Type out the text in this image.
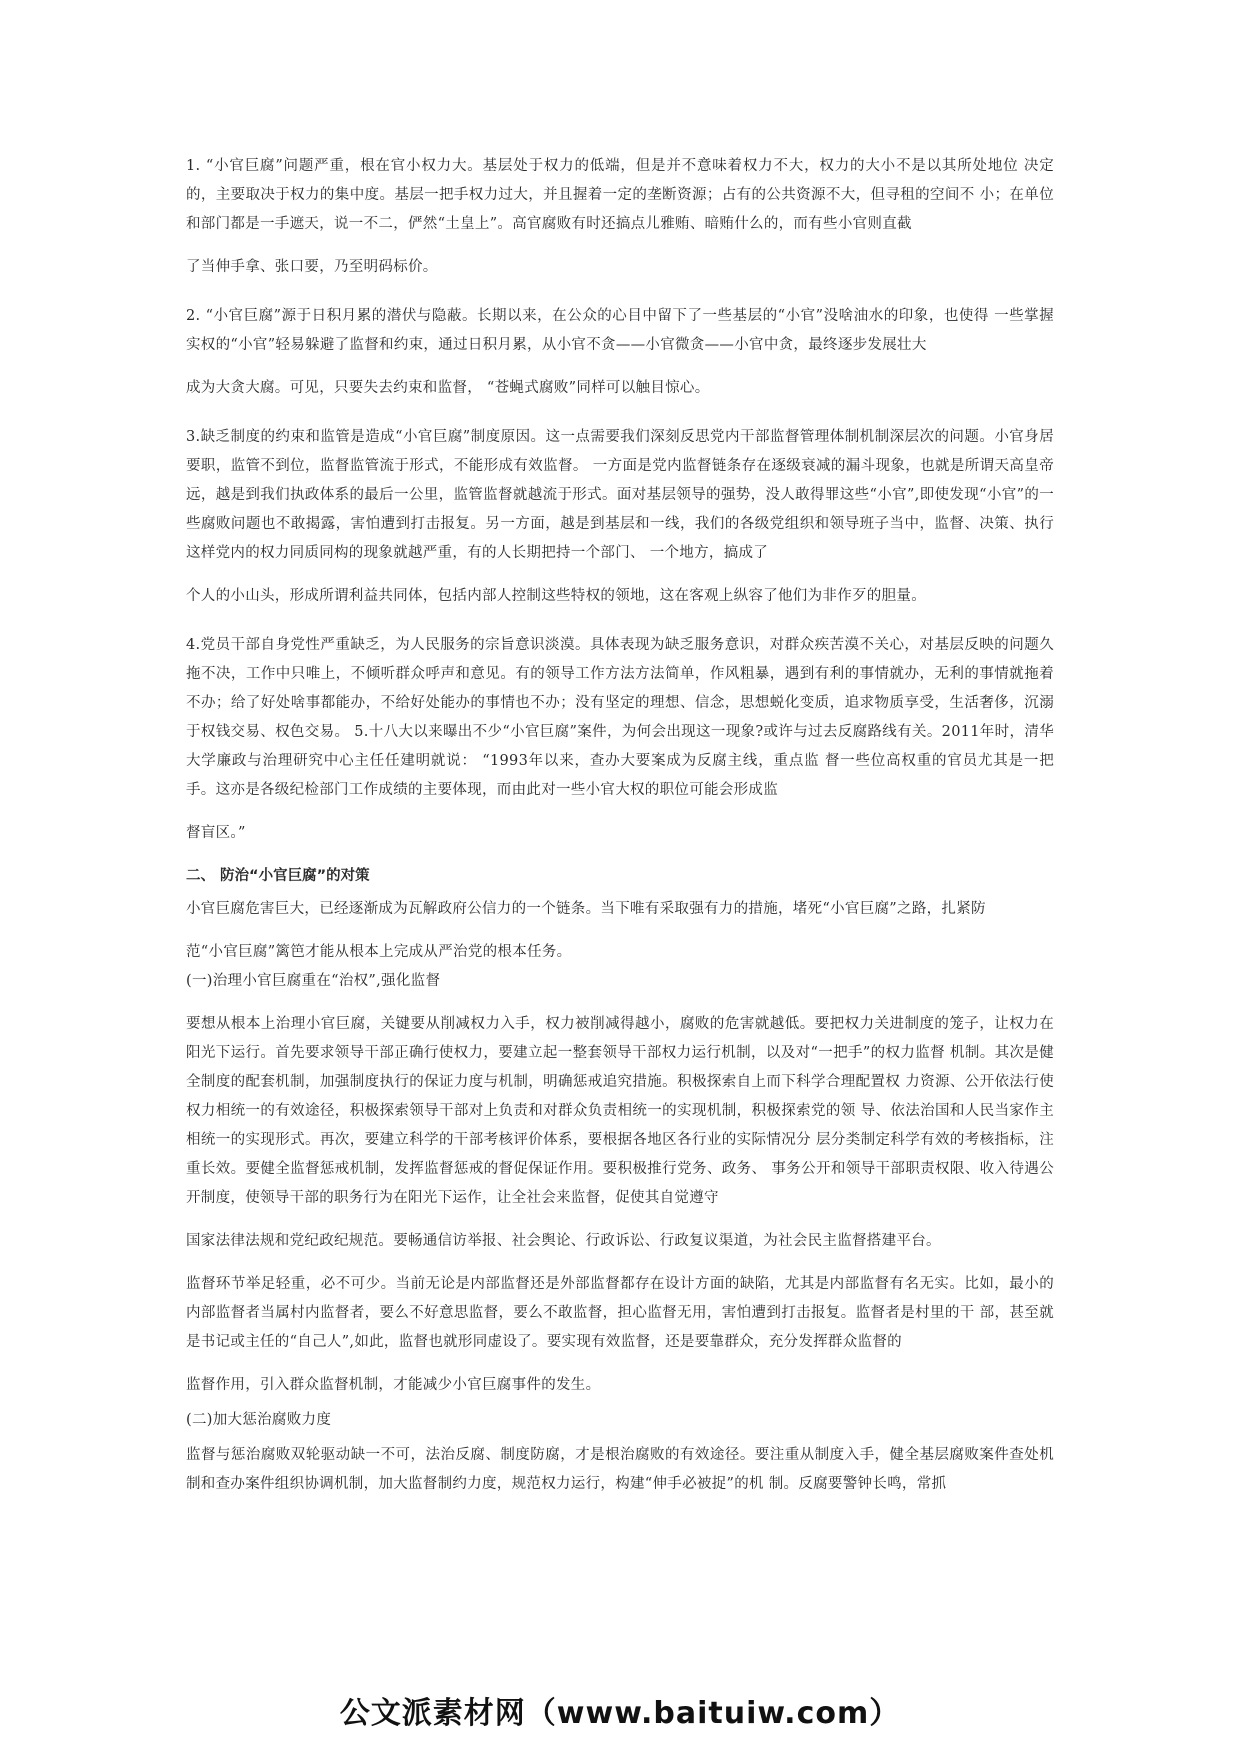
1. “小官巨腐”问题严重，根在官小权力大。基层处于权力的低端，但是并不意味着权力不大，权力的大小不是以其所处地位 决定的，主要取决于权力的集中度。基层一把手权力过大，并且握着一定的垄断资源；占有的公共资源不大，但寻租的空间不 小；在单位和部门都是一手遮天，说一不二，俨然“土皇上”。高官腐败有时还搞点儿雅贿、暗贿什么的，而有些小官则直截

了当伸手拿、张口要，乃至明码标价。

2. “小官巨腐”源于日积月累的潜伏与隐蔽。长期以来，在公众的心目中留下了一些基层的“小官”没啥油水的印象，也使得 一些掌握实权的“小官”轻易躲避了监督和约束，通过日积月累，从小官不贪——小官微贪——小官中贪，最终逐步发展壮大

成为大贪大腐。可见，只要失去约束和监督， “苍蝇式腐败”同样可以触目惊心。

3.缺乏制度的约束和监管是造成“小官巨腐”制度原因。这一点需要我们深刻反思党内干部监督管理体制机制深层次的问题。小官身居要职，监管不到位，监督监管流于形式，不能形成有效监督。 一方面是党内监督链条存在逐级衰减的漏斗现象，也就是所谓天高皇帝远，越是到我们执政体系的最后一公里，监管监督就越流于形式。面对基层领导的强势，没人敢得罪这些“小官”,即使发现“小官”的一些腐败问题也不敢揭露，害怕遭到打击报复。另一方面，越是到基层和一线，我们的各级党组织和领导班子当中，监督、决策、执行这样党内的权力同质同构的现象就越严重，有的人长期把持一个部门、 一个地方，搞成了

个人的小山头，形成所谓利益共同体，包括内部人控制这些特权的领地，这在客观上纵容了他们为非作歹的胆量。

4.党员干部自身党性严重缺乏，为人民服务的宗旨意识淡漠。具体表现为缺乏服务意识，对群众疾苦漠不关心，对基层反映的问题久拖不决，工作中只唯上，不倾听群众呼声和意见。有的领导工作方法方法简单，作风粗暴，遇到有利的事情就办，无利的事情就拖着不办；给了好处啥事都能办，不给好处能办的事情也不办；没有坚定的理想、信念，思想蜕化变质，追求物质享受，生活奢侈，沉溺于权钱交易、权色交易。 5.十八大以来曝出不少“小官巨腐”案件，为何会出现这一现象?或许与过去反腐路线有关。2011年时，清华大学廉政与治理研究中心主任任建明就说： “1993年以来，查办大要案成为反腐主线，重点监 督一些位高权重的官员尤其是一把手。这亦是各级纪检部门工作成绩的主要体现，而由此对一些小官大权的职位可能会形成监

督盲区。”

二、 防治“小官巨腐”的对策

小官巨腐危害巨大，已经逐渐成为瓦解政府公信力的一个链条。当下唯有采取强有力的措施，堵死“小官巨腐”之路，扎紧防

范“小官巨腐”篱笆才能从根本上完成从严治党的根本任务。

(一)治理小官巨腐重在“治权”,强化监督

要想从根本上治理小官巨腐，关键要从削减权力入手，权力被削减得越小，腐败的危害就越低。要把权力关进制度的笼子，让权力在阳光下运行。首先要求领导干部正确行使权力，要建立起一整套领导干部权力运行机制，以及对“一把手”的权力监督 机制。其次是健全制度的配套机制，加强制度执行的保证力度与机制，明确惩戒追究措施。积极探索自上而下科学合理配置权 力资源、公开依法行使权力相统一的有效途径，积极探索领导干部对上负责和对群众负责相统一的实现机制，积极探索党的领 导、依法治国和人民当家作主相统一的实现形式。再次，要建立科学的干部考核评价体系，要根据各地区各行业的实际情况分 层分类制定科学有效的考核指标，注重长效。要健全监督惩戒机制，发挥监督惩戒的督促保证作用。要积极推行党务、政务、 事务公开和领导干部职责权限、收入待遇公开制度，使领导干部的职务行为在阳光下运作，让全社会来监督，促使其自觉遵守

国家法律法规和党纪政纪规范。要畅通信访举报、社会舆论、行政诉讼、行政复议渠道，为社会民主监督搭建平台。

监督环节举足轻重，必不可少。当前无论是内部监督还是外部监督都存在设计方面的缺陷，尤其是内部监督有名无实。比如，最小的内部监督者当属村内监督者，要么不好意思监督，要么不敢监督，担心监督无用，害怕遭到打击报复。监督者是村里的干 部，甚至就是书记或主任的“自己人”,如此，监督也就形同虚设了。要实现有效监督，还是要靠群众，充分发挥群众监督的

监督作用，引入群众监督机制，才能减少小官巨腐事件的发生。

(二)加大惩治腐败力度

监督与惩治腐败双轮驱动缺一不可，法治反腐、制度防腐，才是根治腐败的有效途径。要注重从制度入手，健全基层腐败案件查处机制和查办案件组织协调机制，加大监督制约力度，规范权力运行，构建“伸手必被捉”的机 制。反腐要警钟长鸣，常抓

公文派素材网（www.baituiw.com）
